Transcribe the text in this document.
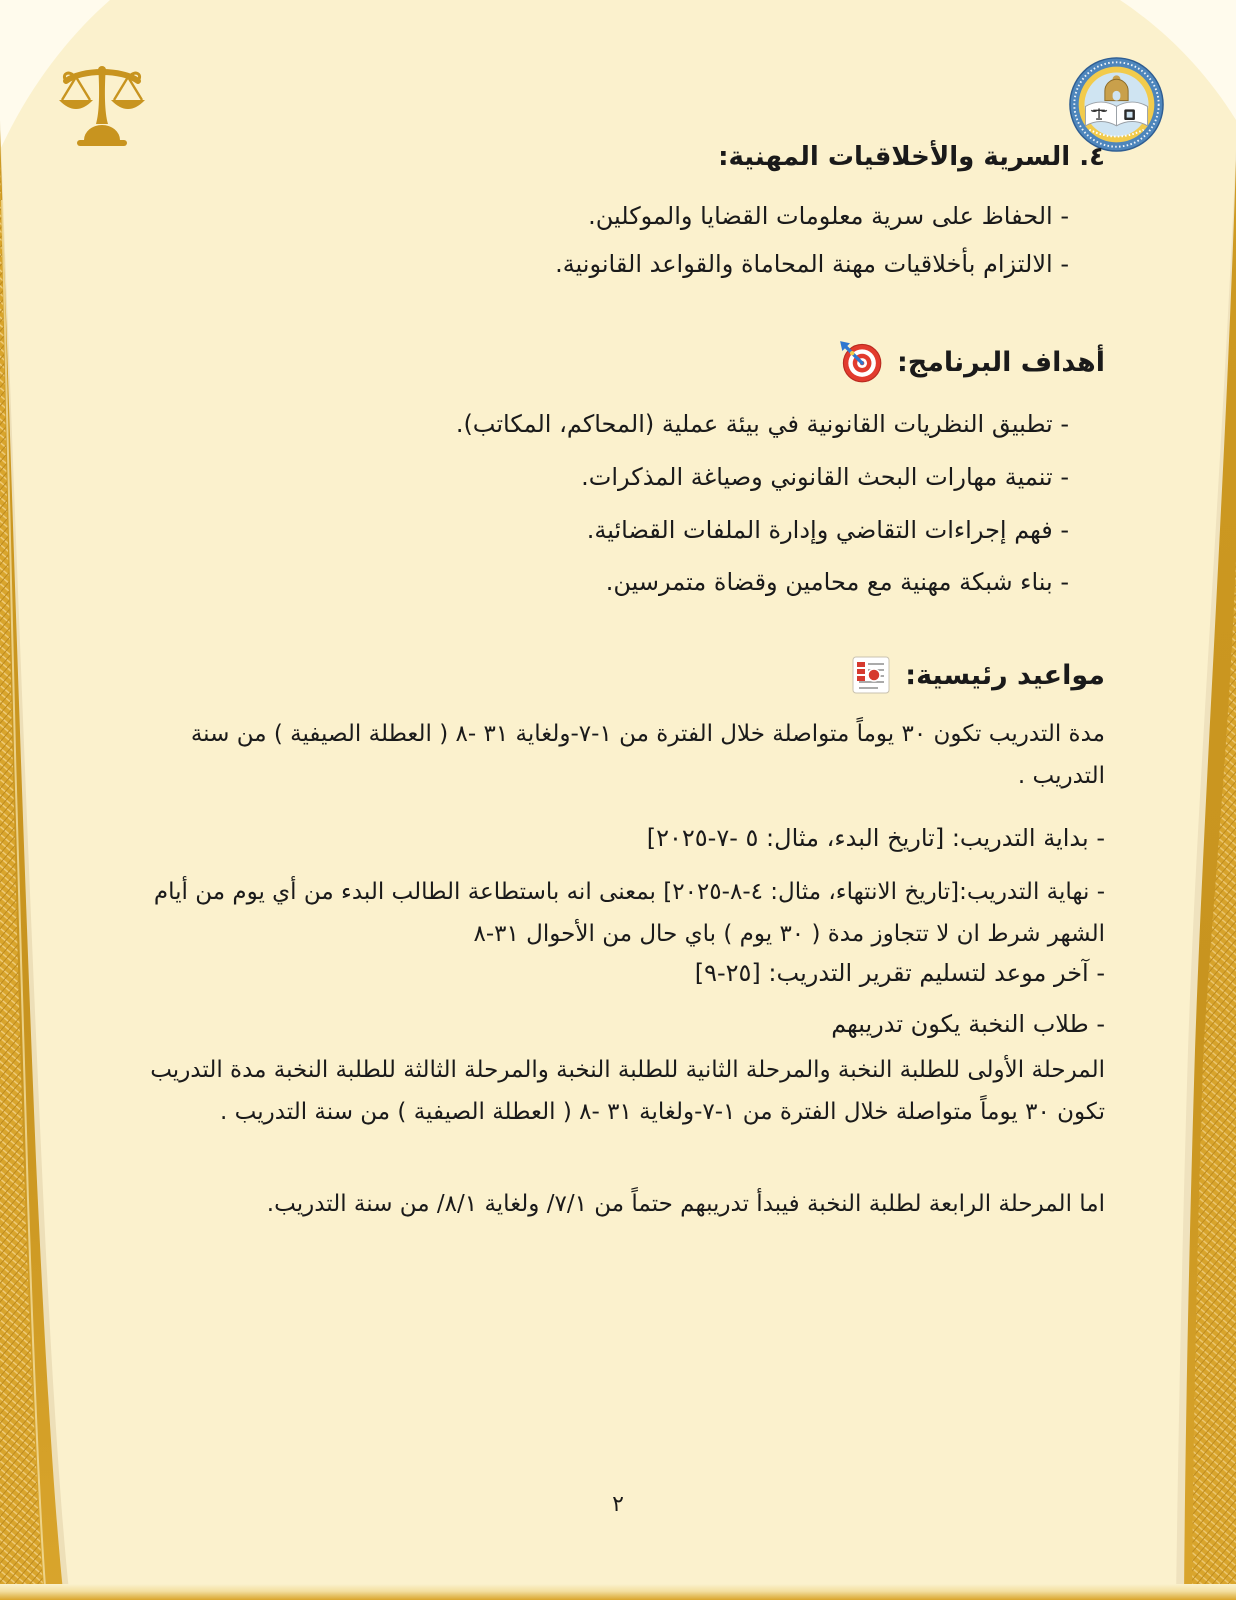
٤. السرية والأخلاقيات المهنية:
- الحفاظ على سرية معلومات القضايا والموكلين.
- الالتزام بأخلاقيات مهنة المحاماة والقواعد القانونية.
أهداف البرنامج:
- تطبيق النظريات القانونية في بيئة عملية (المحاكم، المكاتب).
- تنمية مهارات البحث القانوني وصياغة المذكرات.
- فهم إجراءات التقاضي وإدارة الملفات القضائية.
- بناء شبكة مهنية مع محامين وقضاة متمرسين.
مواعيد رئيسية:
مدة التدريب تكون ٣٠ يوماً متواصلة خلال الفترة من ١-٧-ولغاية ٣١ -٨ ( العطلة الصيفية ) من سنة التدريب .
- بداية التدريب: [تاريخ البدء، مثال: ٥ -٧-٢٠٢٥]
- نهاية التدريب:[تاريخ الانتهاء، مثال: ٤-٨-٢٠٢٥] بمعنى انه باستطاعة الطالب البدء من أي يوم من أيام الشهر شرط ان لا تتجاوز مدة ( ٣٠ يوم ) باي حال من الأحوال ٣١-٨
- آخر موعد لتسليم تقرير التدريب: [٢٥-٩]
- طلاب النخبة يكون تدريبهم
المرحلة الأولى للطلبة النخبة والمرحلة الثانية للطلبة النخبة والمرحلة الثالثة للطلبة النخبة مدة التدريب تكون ٣٠ يوماً متواصلة خلال الفترة من ١-٧-ولغاية ٣١ -٨ ( العطلة الصيفية ) من سنة التدريب .
اما المرحلة الرابعة لطلبة النخبة فيبدأ تدريبهم حتماً من ٧/١/ ولغاية ٨/١/ من سنة التدريب.
٢
